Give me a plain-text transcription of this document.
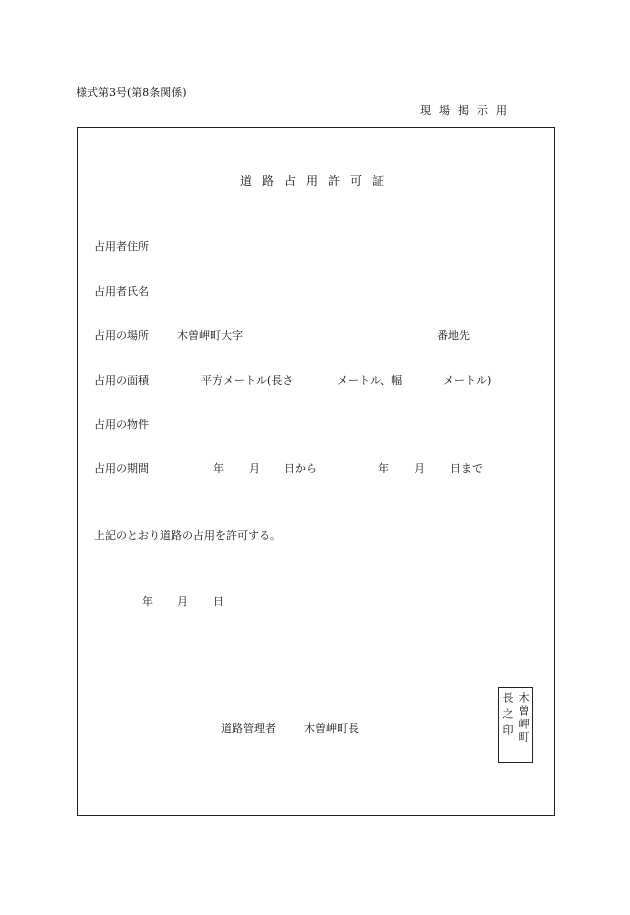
様式第3号(第8条関係)
現場掲示用
道路占用許可証
占用者住所
占用者氏名
占用の場所	木曽岬町大字	番地先
占用の面積	平方メートル(長さ	メートル、幅	メートル)
占用の物件
占用の期間	年 月 日から	年 月 日まで
上記のとおり道路の占用を許可する。
年 月 日
道路管理者	木曽岬町長	木曽岬町
長之印
